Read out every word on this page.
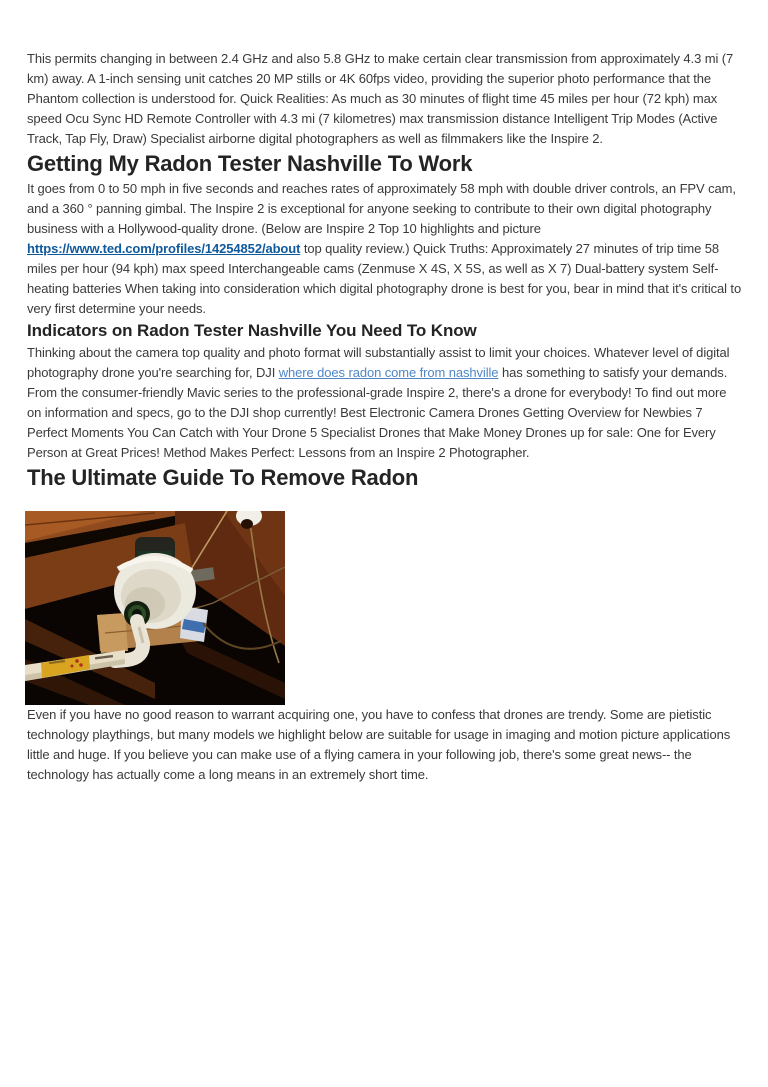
This permits changing in between 2.4 GHz and also 5.8 GHz to make certain clear transmission from approximately 4.3 mi (7 km) away. A 1-inch sensing unit catches 20 MP stills or 4K 60fps video, providing the superior photo performance that the Phantom collection is understood for. Quick Realities: As much as 30 minutes of flight time 45 miles per hour (72 kph) max speed Ocu Sync HD Remote Controller with 4.3 mi (7 kilometres) max transmission distance Intelligent Trip Modes (Active Track, Tap Fly, Draw) Specialist airborne digital photographers as well as filmmakers like the Inspire 2.

Getting My Radon Tester Nashville To Work

It goes from 0 to 50 mph in five seconds and reaches rates of approximately 58 mph with double driver controls, an FPV cam, and a 360 ° panning gimbal. The Inspire 2 is exceptional for anyone seeking to contribute to their own digital photography business with a Hollywood-quality drone. (Below are Inspire 2 Top 10 highlights and picture https://www.ted.com/profiles/14254852/about top quality review.) Quick Truths: Approximately 27 minutes of trip time 58 miles per hour (94 kph) max speed Interchangeable cams (Zenmuse X 4S, X 5S, as well as X 7) Dual-battery system Self-heating batteries When taking into consideration which digital photography drone is best for you, bear in mind that it's critical to very first determine your needs.

Indicators on Radon Tester Nashville You Need To Know

Thinking about the camera top quality and photo format will substantially assist to limit your choices. Whatever level of digital photography drone you're searching for, DJI where does radon come from nashville has something to satisfy your demands. From the consumer-friendly Mavic series to the professional-grade Inspire 2, there's a drone for everybody! To find out more on information and specs, go to the DJI shop currently! Best Electronic Camera Drones Getting Overview for Newbies 7 Perfect Moments You Can Catch with Your Drone 5 Specialist Drones that Make Money Drones up for sale: One for Every Person at Great Prices! Method Makes Perfect: Lessons from an Inspire 2 Photographer.

The Ultimate Guide To Remove Radon

Even if you have no good reason to warrant acquiring one, you have to confess that drones are trendy. Some are pietistic technology playthings, but many models we highlight below are suitable for usage in imaging and motion picture applications little and huge. If you believe you can make use of a flying camera in your following job, there's some great news-- the technology has actually come a long means in an extremely short time.
